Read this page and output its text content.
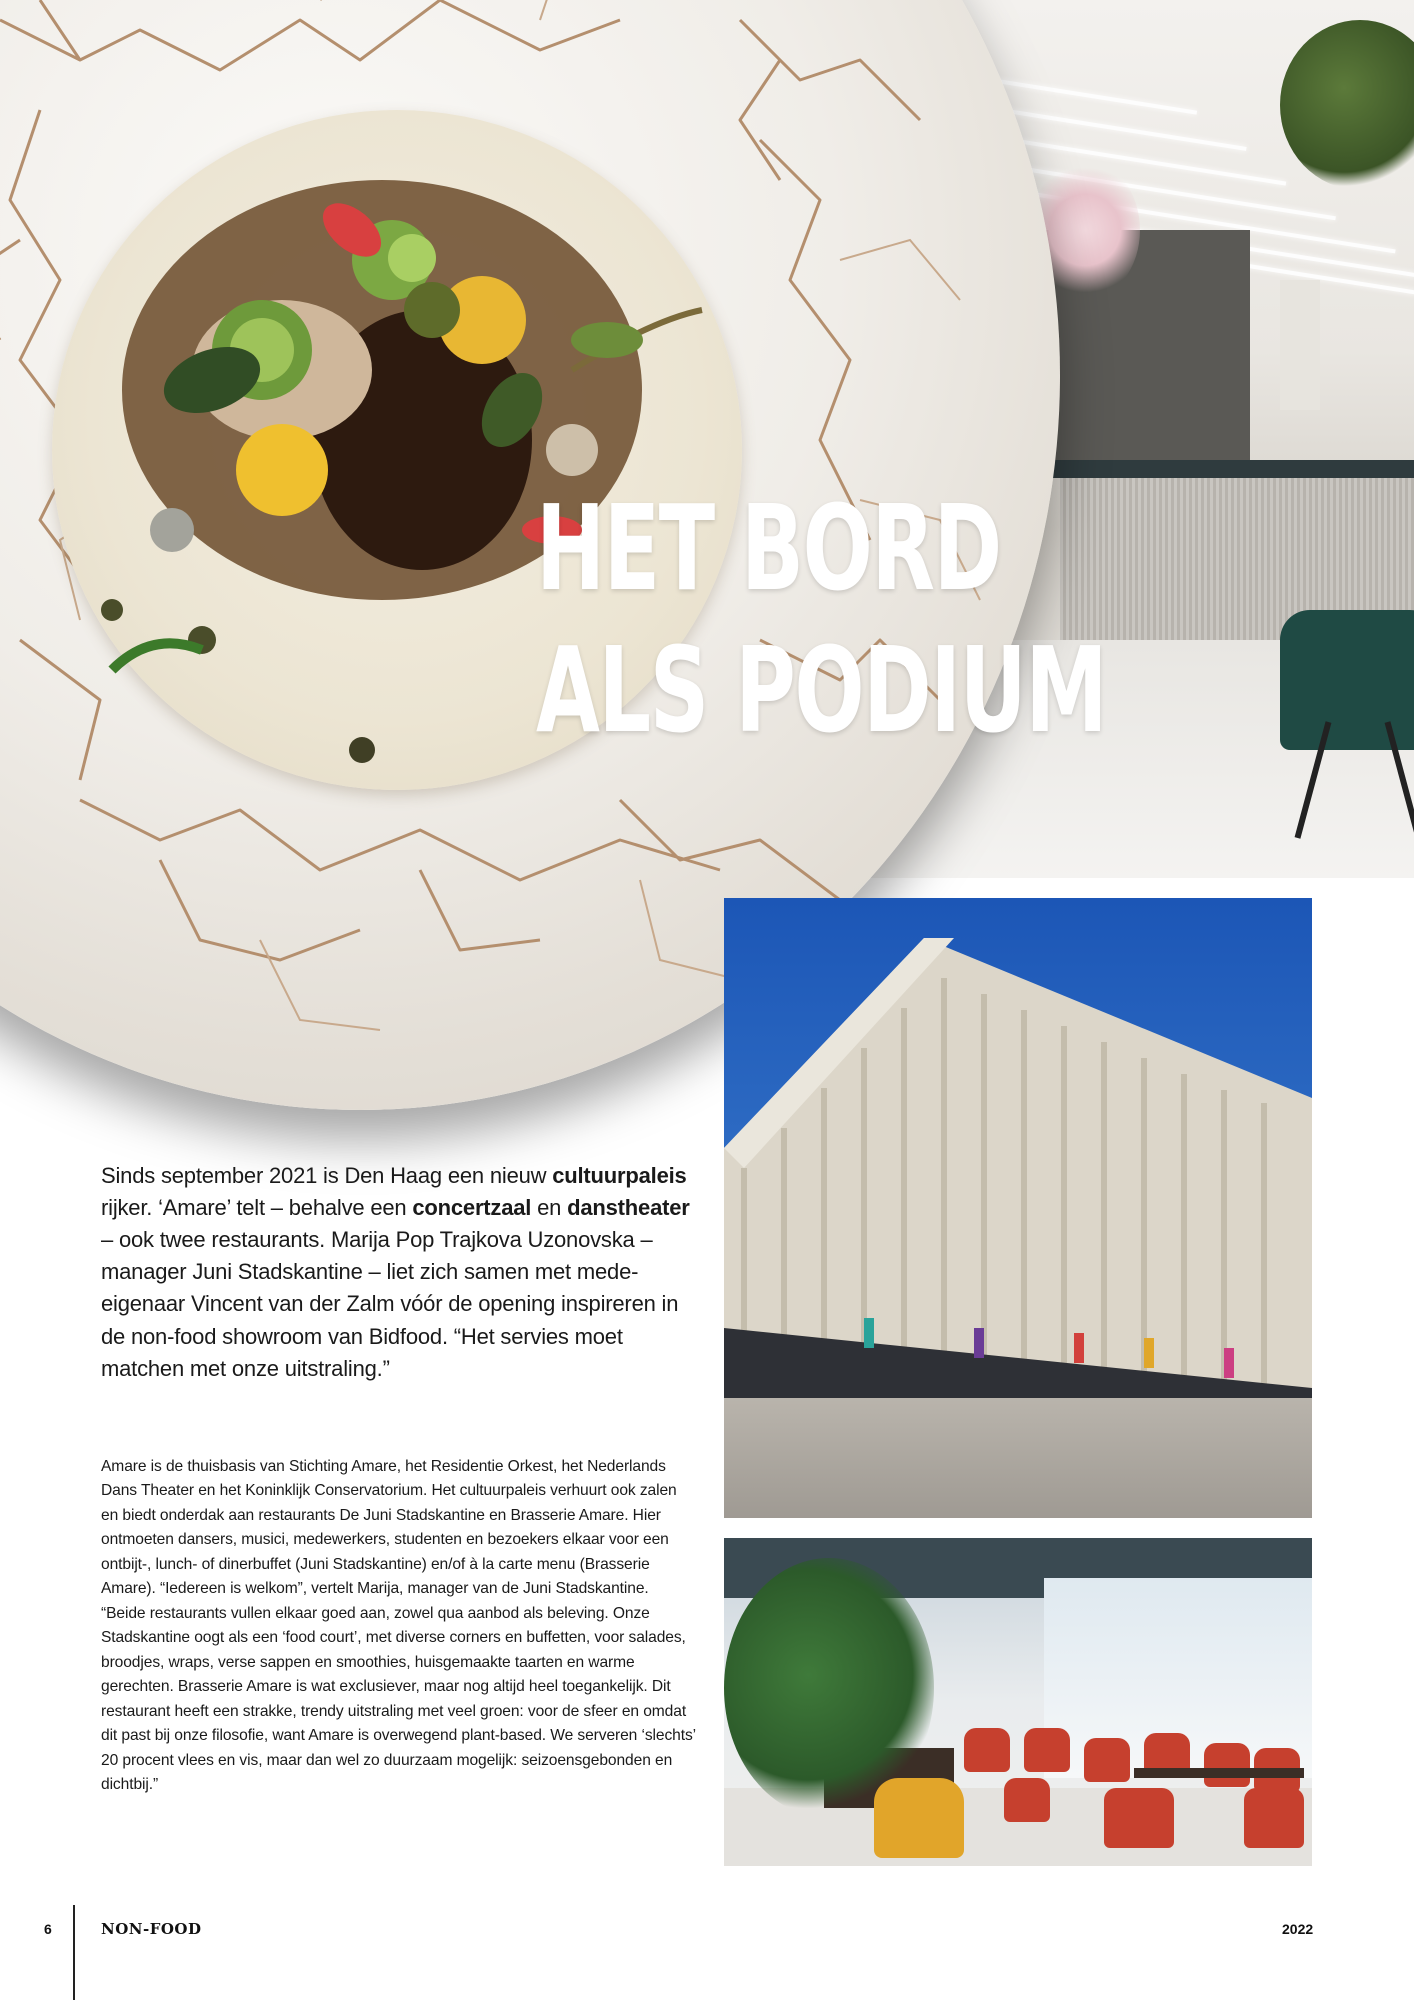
HET BORD
ALS PODIUM

Sinds september 2021 is Den Haag een nieuw cultuurpaleis rijker. ‘Amare’ telt – behalve een concertzaal en danstheater – ook twee restaurants. Marija Pop Trajkova Uzonovska – manager Juni Stadskantine – liet zich samen met mede-eigenaar Vincent van der Zalm vóór de opening inspireren in de non-food showroom van Bidfood. “Het servies moet matchen met onze uitstraling.”

Amare is de thuisbasis van Stichting Amare, het Residentie Orkest, het Nederlands Dans Theater en het Koninklijk Conservatorium. Het cultuurpaleis verhuurt ook zalen en biedt onderdak aan restaurants De Juni Stadskantine en Brasserie Amare. Hier ontmoeten dansers, musici, medewerkers, studenten en bezoekers elkaar voor een ontbijt-, lunch- of dinerbuffet (Juni Stadskantine) en/of à la carte menu (Brasserie Amare). “Iedereen is welkom”, vertelt Marija, manager van de Juni Stadskantine. “Beide restaurants vullen elkaar goed aan, zowel qua aanbod als beleving. Onze Stadskantine oogt als een ‘food court’, met diverse corners en buffetten, voor salades, broodjes, wraps, verse sappen en smoothies, huisgemaakte taarten en warme gerechten. Brasserie Amare is wat exclusiever, maar nog altijd heel toegankelijk. Dit restaurant heeft een strakke, trendy uitstraling met veel groen: voor de sfeer en omdat dit past bij onze filosofie, want Amare is overwegend plant-based. We serveren ‘slechts’ 20 procent vlees en vis, maar dan wel zo duurzaam mogelijk: seizoensgebonden en dichtbij.”

6	NON-FOOD	2022
